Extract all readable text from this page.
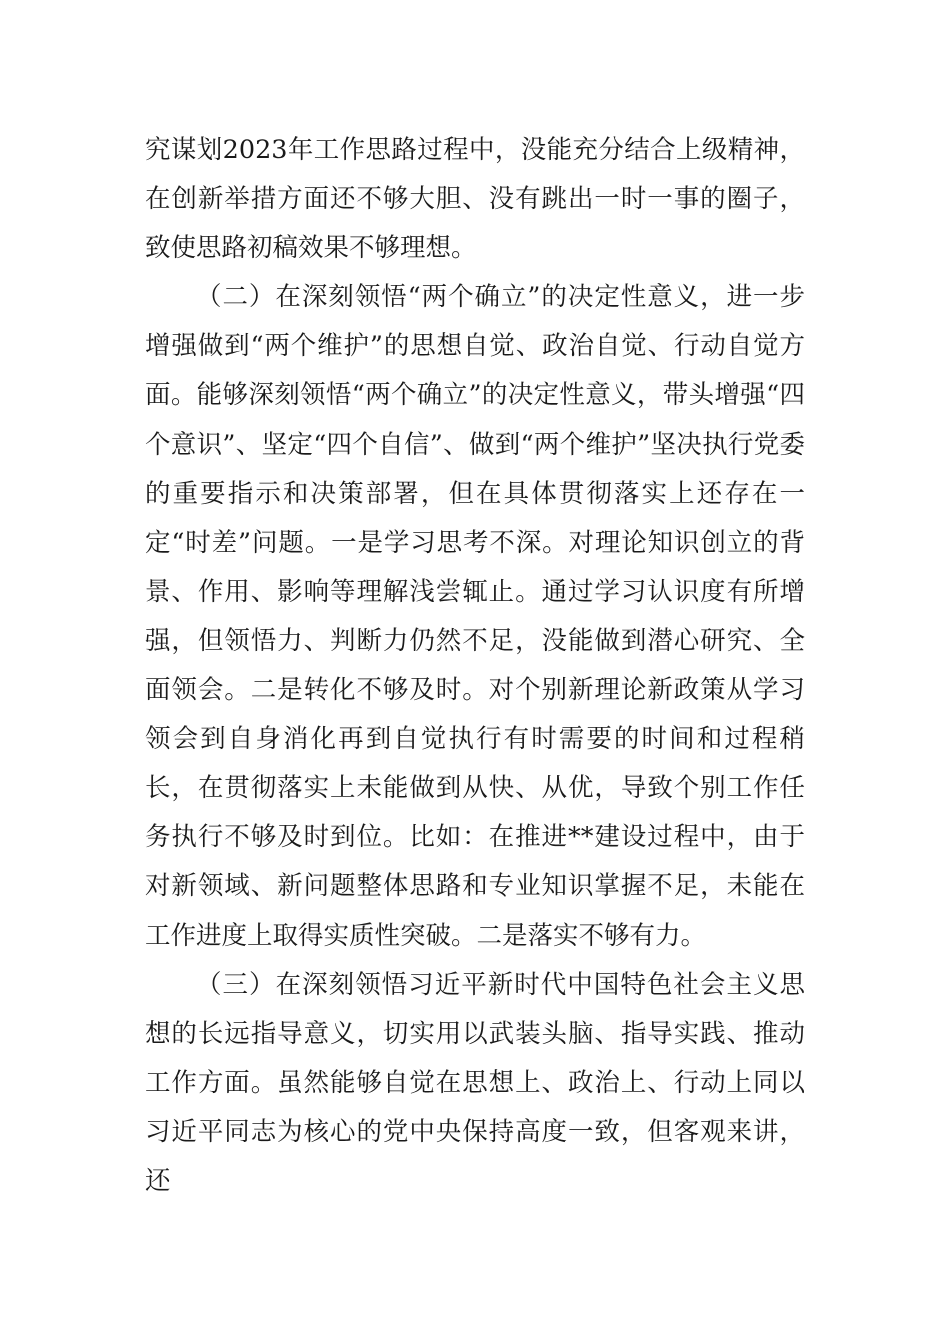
究谋划2023年工作思路过程中，没能充分结合上级精神，在创新举措方面还不够大胆、没有跳出一时一事的圈子，致使思路初稿效果不够理想。

（二）在深刻领悟“两个确立”的决定性意义，进一步增强做到“两个维护”的思想自觉、政治自觉、行动自觉方面。能够深刻领悟“两个确立”的决定性意义，带头增强“四个意识”、坚定“四个自信”、做到“两个维护”坚决执行党委的重要指示和决策部署，但在具体贯彻落实上还存在一定“时差”问题。一是学习思考不深。对理论知识创立的背景、作用、影响等理解浅尝辄止。通过学习认识度有所增强，但领悟力、判断力仍然不足，没能做到潜心研究、全面领会。二是转化不够及时。对个别新理论新政策从学习领会到自身消化再到自觉执行有时需要的时间和过程稍长，在贯彻落实上未能做到从快、从优，导致个别工作任务执行不够及时到位。比如：在推进**建设过程中，由于对新领域、新问题整体思路和专业知识掌握不足，未能在工作进度上取得实质性突破。二是落实不够有力。

（三）在深刻领悟习近平新时代中国特色社会主义思想的长远指导意义，切实用以武装头脑、指导实践、推动工作方面。虽然能够自觉在思想上、政治上、行动上同以习近平同志为核心的党中央保持高度一致，但客观来讲，还
